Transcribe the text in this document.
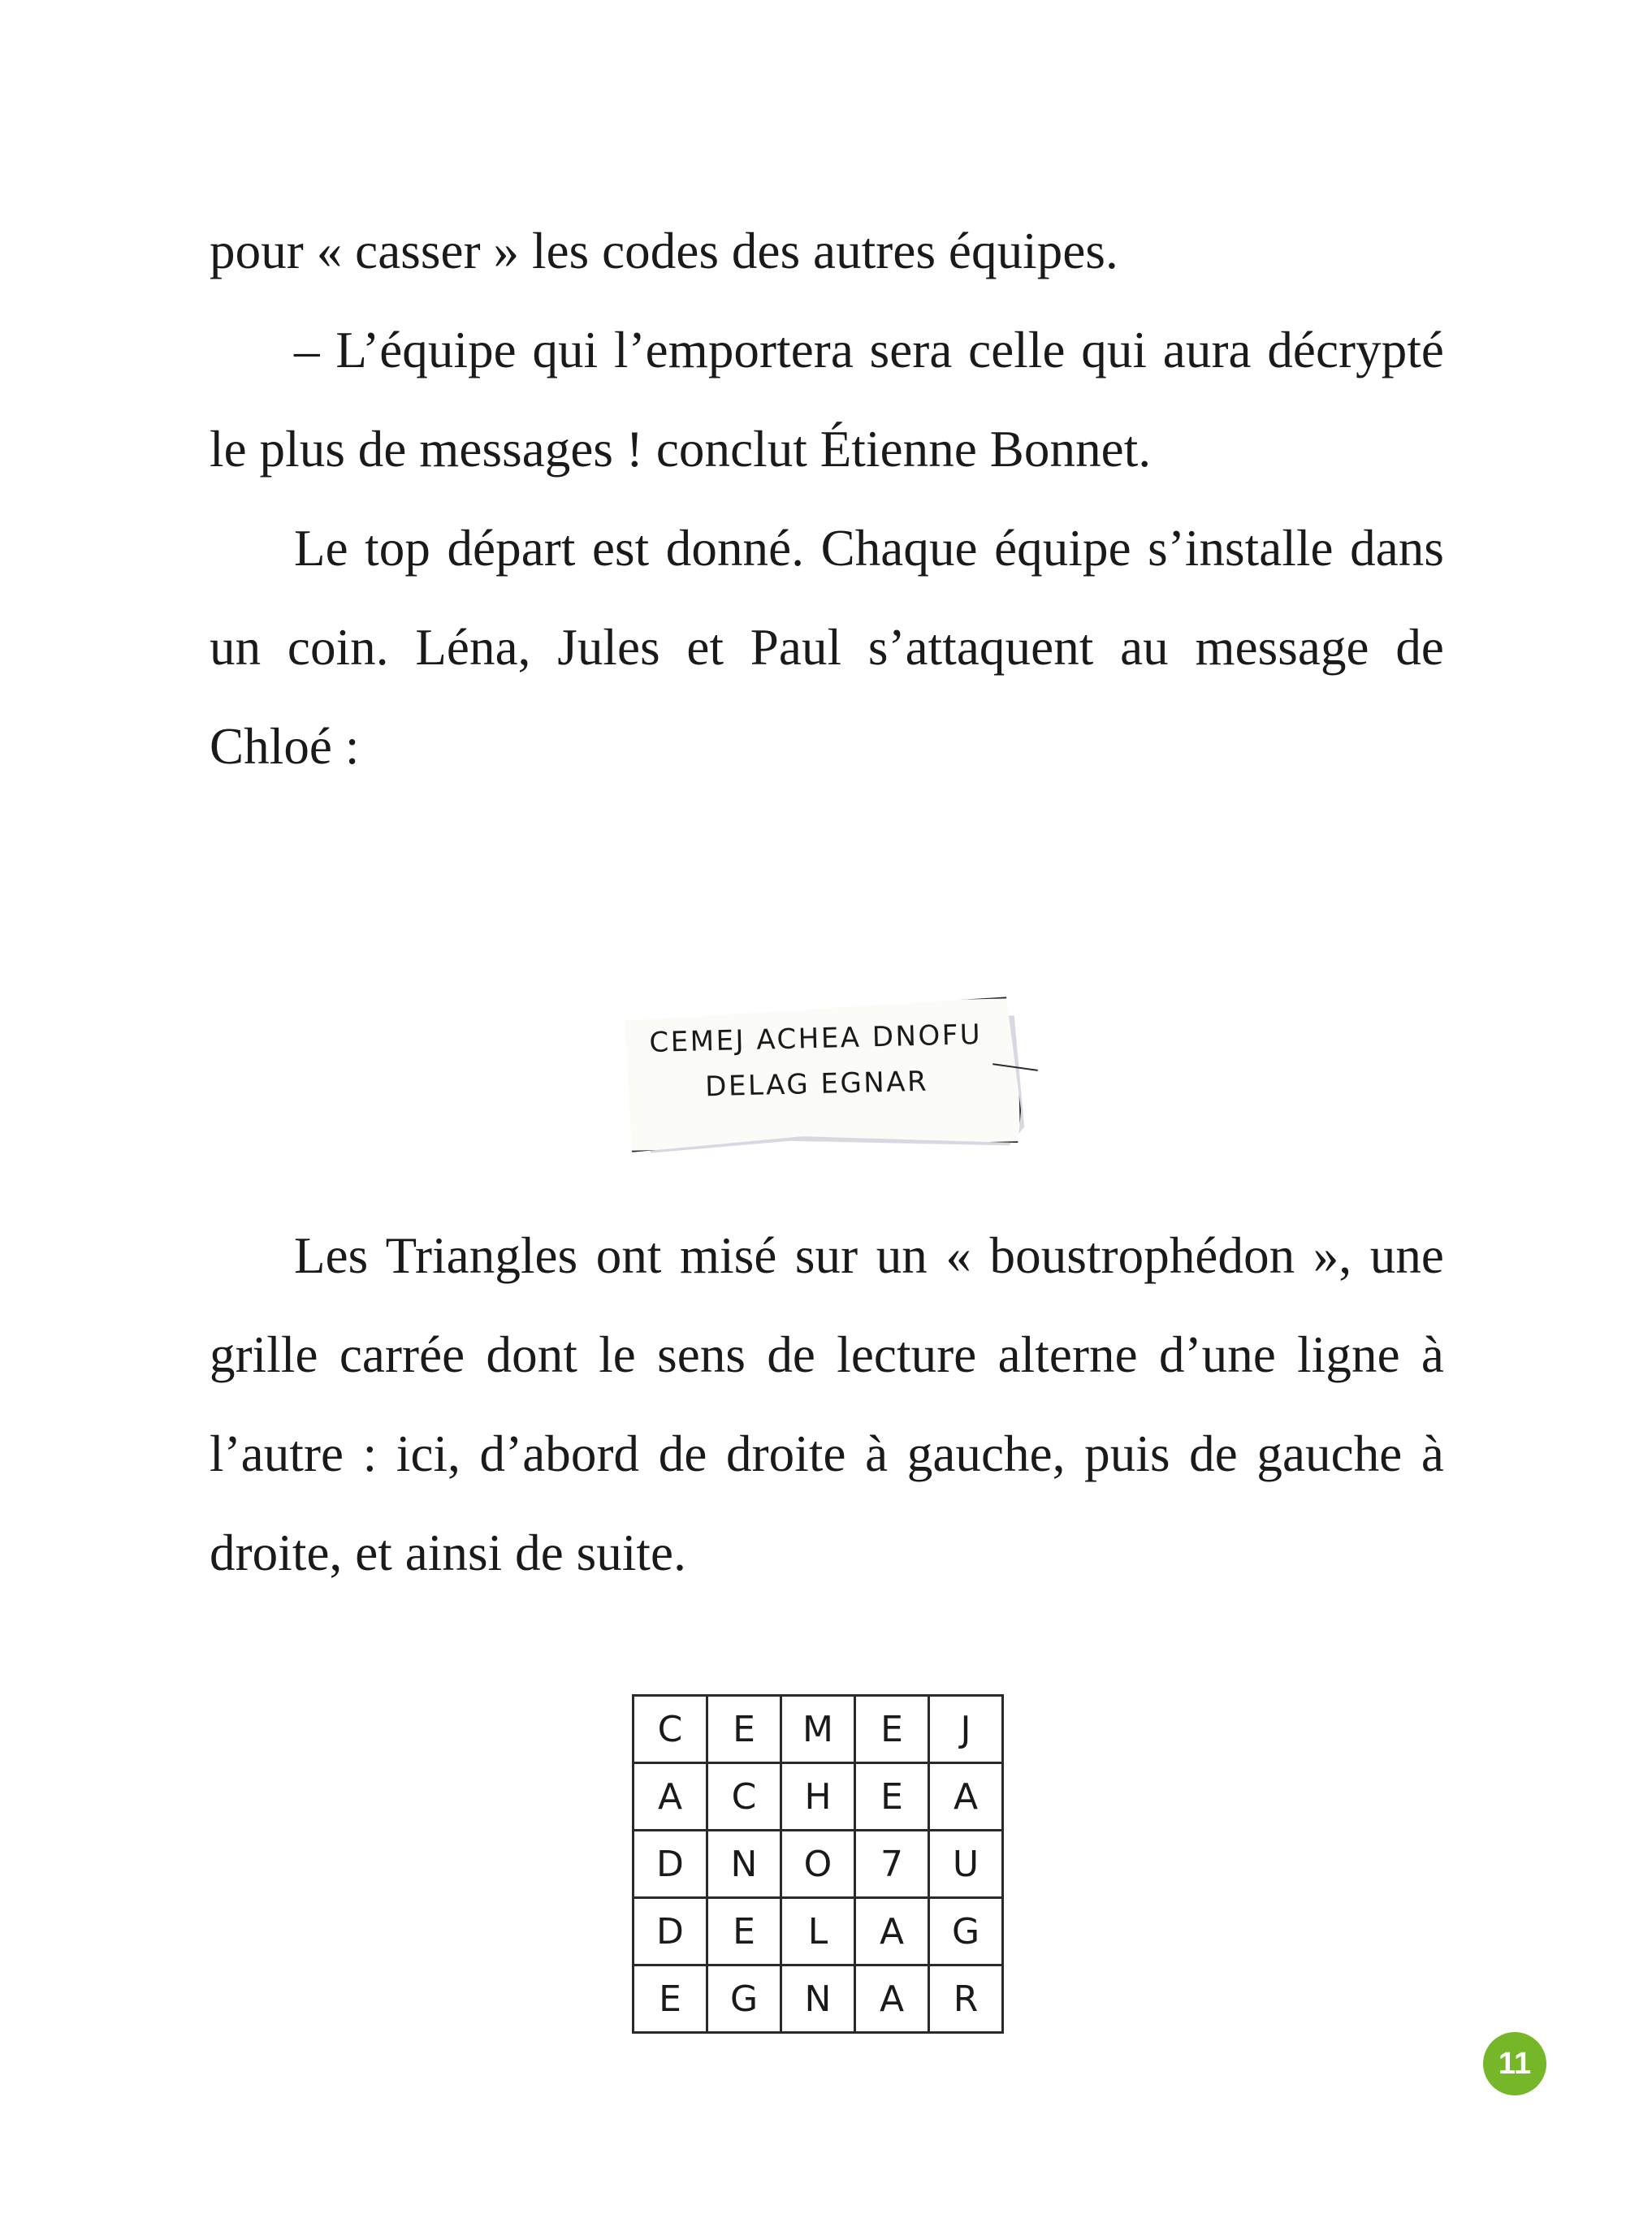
pour « casser » les codes des autres équipes.

– L’équipe qui l’emportera sera celle qui aura décrypté le plus de messages ! conclut Étienne Bonnet.

Le top départ est donné. Chaque équipe s’installe dans un coin. Léna, Jules et Paul s’attaquent au message de Chloé :

CEMEJ ACHEA DNOFU
DELAG EGNAR

Les Triangles ont misé sur un « boustrophédon », une grille carrée dont le sens de lecture alterne d’une ligne à l’autre : ici, d’abord de droite à gauche, puis de gauche à droite, et ainsi de suite.

C	E	M	E	J
A	C	H	E	A
D	N	O	7	U
D	E	L	A	G
E	G	N	A	R
11
